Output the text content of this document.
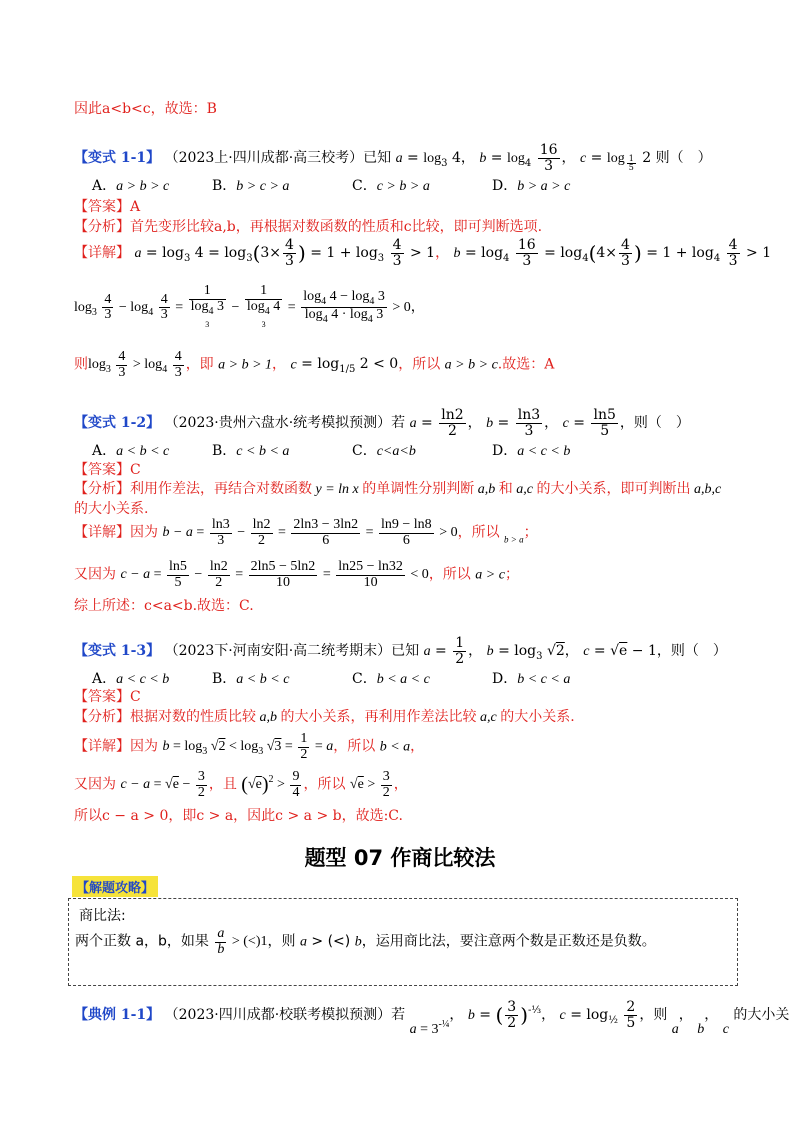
因此a<b<c，故选：B
【变式 1-1】 （2023上·四川成都·高三校考）已知 $a = \log_3 4$， $b = \log_4 \frac{16}{3}$ ， c = log $_{\frac{1}{5}}$ 2 则（　）
A．a > b > c	B．b > c > a	C．c > b > a	D．b > a > c
【答案】A
【分析】首先变形比较a,b，再根据对数函数的性质和c比较，即可判断选项.
【详解】 $a = \log_3 4 = \log_3(3\times \frac{4}{3}$ ) = $1 + \log_3 \frac{4}{3} > 1$， $b = \log_4 \frac{16}{3} = \log_4(4\times \frac{4}{3}$ ) = $1 + \log_4 \frac{4}{3} > 1$
$\log_3 \frac{4}{3} - \log_4 \frac{4}{3}$ =
1
$\log_4 3$
3
−
1
$\log_4 4$
3
= $\frac{\log_4 4 - \log_4 3}{\log_4 4 \cdot \log_4 3} > 0$，
则$\log_3 \frac{4}{3} > \log_4 \frac{4}{3}$ ，即 a > b > 1， $c = \log_{1/5} 2 < 0$，所以 a > b > c.故选：A
【变式 1-2】 （2023·贵州六盘水·统考模拟预测）若 $a = \frac{\ln 2}{2}$ ， $b = \frac{\ln 3}{3}$ ， $c = \frac{\ln 5}{5}$ ，则（　）
A．a < b < c	B．c < b < a	C．c<a<b	D．a < c < b
【答案】C
【分析】利用作差法，再结合对数函数 y = ln x 的单调性分别判断 a,b 和 a,c 的大小关系，即可判断出 a,b,c
的大小关系.
【详解】因为 $b - a = \frac{\ln 3}{3} - \frac{\ln 2}{2} = \frac{2\ln 3 - 3\ln 2}{6} = \frac{\ln 9 - \ln 8}{6} > 0$，所以 $_{b > a}$；
又因为 $c - a = \frac{\ln 5}{5} - \frac{\ln 2}{2} = \frac{2\ln 5 - 5\ln 2}{10} = \frac{\ln 25 - \ln 32}{10} < 0$，所以 a > c；
综上所述：c<a<b.故选：C.
【变式 1-3】 （2023下·河南安阳·高二统考期末）已知 $a = \frac{1}{2}$ ， $b = \log_3 √2$， c = √e − 1，则（　）
A．a < c < b	B．a < b < c	C．b < a < c	D．b < c < a
【答案】C
【分析】根据对数的性质比较 a,b 的大小关系，再利用作差法比较 a,c 的大小关系.
【详解】因为 $b = \log_3 √2 < \log_3 √3 = \frac{1}{2} = a$，所以 b < a，
又因为 $c - a = √e - \frac{3}{2}$ ，且 $(√e)^2 > \frac{9}{4}$ ，所以 $√e > \frac{3}{2}$ ，
所以c − a > 0，即c > a，因此c > a > b，故选:C.
题型 07 作商比较法
【解题攻略】
商比法:
两个正数 a，b，如果 $\frac{a}{b} > (<)1$，则 a > (<) b，运用商比法，要注意两个数是正数还是负数。
【典例 1-1】 （2023·四川成都·校联考模拟预测）若 $a = 3^{-\frac{1}{4}}$， b = ( $\frac{3}{2} )^{-\frac{1}{3}}$， $c = \log_{\frac{1}{2}} \frac{2}{5}$ ，则 a， b， c 的大小关
